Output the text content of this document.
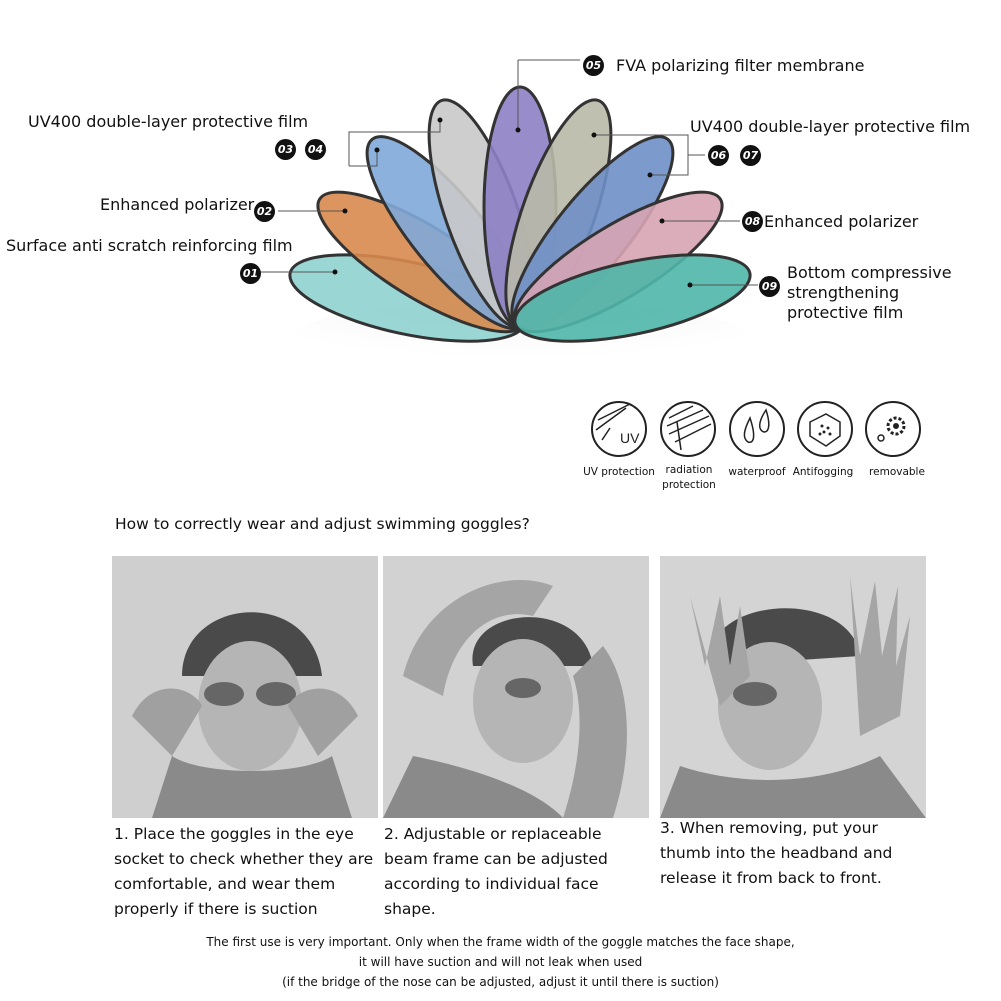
01
Surface anti scratch reinforcing film
02
Enhanced polarizer
03 04
UV400 double-layer protective film
05 FVA polarizing filter membrane
06 07
UV400 double-layer protective film
08 Enhanced polarizer
09
Bottom compressive
strengthening
protective film
UV
UV protection	radiation
protection
waterproof Antifogging	removable
How to correctly wear and adjust swimming goggles?
1. Place the goggles in the eye socket to check whether they are comfortable, and wear them properly if there is suction
2. Adjustable or replaceable beam frame can be adjusted according to individual face shape.
3. When removing, put your thumb into the headband and release it from back to front.
The first use is very important. Only when the frame width of the goggle matches the face shape,
it will have suction and will not leak when used
(if the bridge of the nose can be adjusted, adjust it until there is suction)
